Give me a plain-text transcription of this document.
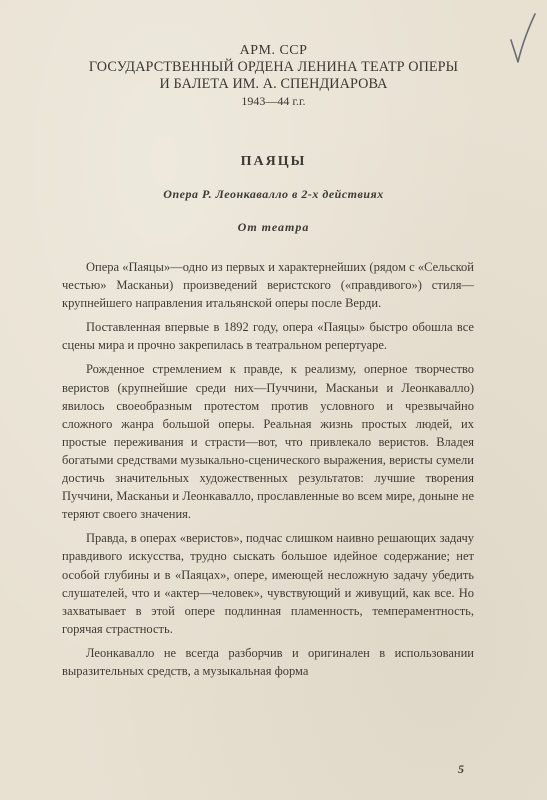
АРМ. ССР
ГОСУДАРСТВЕННЫЙ ОРДЕНА ЛЕНИНА ТЕАТР ОПЕРЫ
И БАЛЕТА ИМ. А. СПЕНДИАРОВА
1943—44 г.г.
ПАЯЦЫ
Опера Р. Леонкавалло в 2-х действиях
От театра

Опера «Паяцы»—одно из первых и характернейших (рядом с «Сельской честью» Масканьи) произведений веристского («правдивого») стиля—крупнейшего направления итальянской оперы после Верди.

Поставленная впервые в 1892 году, опера «Паяцы» быстро обошла все сцены мира и прочно закрепилась в театральном репертуаре.

Рожденное стремлением к правде, к реализму, оперное творчество веристов (крупнейшие среди них—Пуччини, Масканьи и Леонкавалло) явилось своеобразным протестом против условного и чрезвычайно сложного жанра большой оперы. Реальная жизнь простых людей, их простые переживания и страсти—вот, что привлекало веристов. Владея богатыми средствами музыкально-сценического выражения, веристы сумели достичь значительных художественных результатов: лучшие творения Пуччини, Масканьи и Леонкавалло, прославленные во всем мире, доныне не теряют своего значения.

Правда, в операх «веристов», подчас слишком наивно решающих задачу правдивого искусства, трудно сыскать большое идейное содержание; нет особой глубины и в «Паяцах», опере, имеющей несложную задачу убедить слушателей, что и «актер—человек», чувствующий и живущий, как все. Но захватывает в этой опере подлинная пламенность, темпераментность, горячая страстность.

Леонкавалло не всегда разборчив и оригинален в использовании выразительных средств, а музыкальная форма

5
